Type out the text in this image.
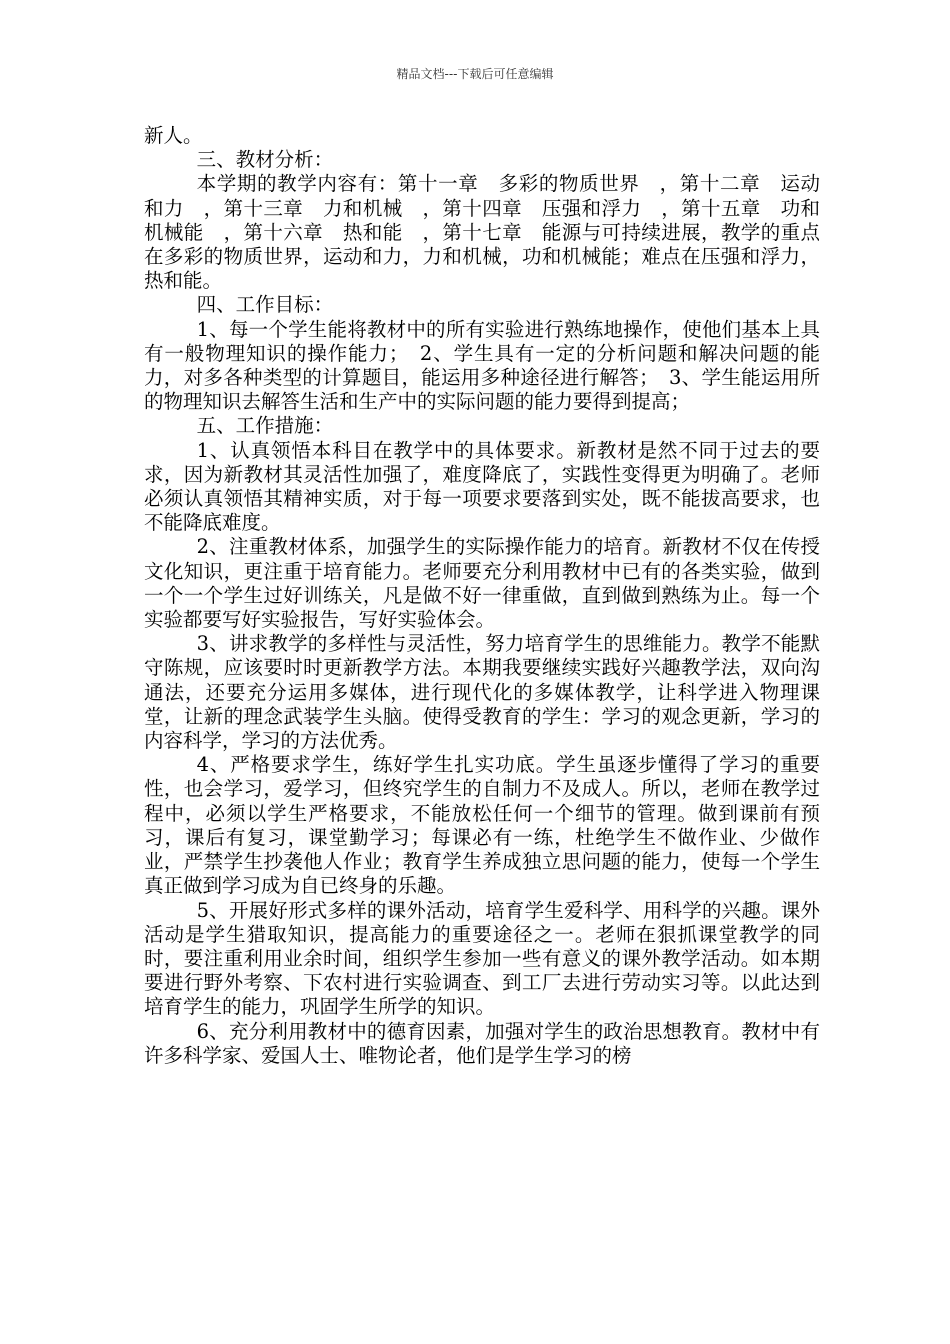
精品文档---下载后可任意编辑

新人。

三、教材分析：

本学期的教学内容有：第十一章　多彩的物质世界　，第十二章　运动和力　，第十三章　力和机械　，第十四章　压强和浮力　，第十五章　功和机械能　，第十六章　热和能　，第十七章　能源与可持续进展，教学的重点在多彩的物质世界，运动和力，力和机械，功和机械能；难点在压强和浮力，热和能。

四、工作目标：

1、每一个学生能将教材中的所有实验进行熟练地操作，使他们基本上具有一般物理知识的操作能力；　2、学生具有一定的分析问题和解决问题的能力，对多各种类型的计算题目，能运用多种途径进行解答；　3、学生能运用所的物理知识去解答生活和生产中的实际问题的能力要得到提高；

五、工作措施：

1、认真领悟本科目在教学中的具体要求。新教材是然不同于过去的要求，因为新教材其灵活性加强了，难度降底了，实践性变得更为明确了。老师必须认真领悟其精神实质，对于每一项要求要落到实处，既不能拔高要求，也不能降底难度。

2、注重教材体系，加强学生的实际操作能力的培育。新教材不仅在传授文化知识，更注重于培育能力。老师要充分利用教材中已有的各类实验，做到一个一个学生过好训练关，凡是做不好一律重做，直到做到熟练为止。每一个实验都要写好实验报告，写好实验体会。

3、讲求教学的多样性与灵活性，努力培育学生的思维能力。教学不能默守陈规，应该要时时更新教学方法。本期我要继续实践好兴趣教学法，双向沟通法，还要充分运用多媒体，进行现代化的多媒体教学，让科学进入物理课堂，让新的理念武装学生头脑。使得受教育的学生：学习的观念更新，学习的内容科学，学习的方法优秀。

4、严格要求学生，练好学生扎实功底。学生虽逐步懂得了学习的重要性，也会学习，爱学习，但终究学生的自制力不及成人。所以，老师在教学过程中，必须以学生严格要求，不能放松任何一个细节的管理。做到课前有预习，课后有复习，课堂勤学习；每课必有一练，杜绝学生不做作业、少做作业，严禁学生抄袭他人作业；教育学生养成独立思问题的能力，使每一个学生真正做到学习成为自已终身的乐趣。

5、开展好形式多样的课外活动，培育学生爱科学、用科学的兴趣。课外活动是学生猎取知识，提高能力的重要途径之一。老师在狠抓课堂教学的同时，要注重利用业余时间，组织学生参加一些有意义的课外教学活动。如本期要进行野外考察、下农村进行实验调查、到工厂去进行劳动实习等。以此达到培育学生的能力，巩固学生所学的知识。

6、充分利用教材中的德育因素，加强对学生的政治思想教育。教材中有许多科学家、爱国人士、唯物论者，他们是学生学习的榜
